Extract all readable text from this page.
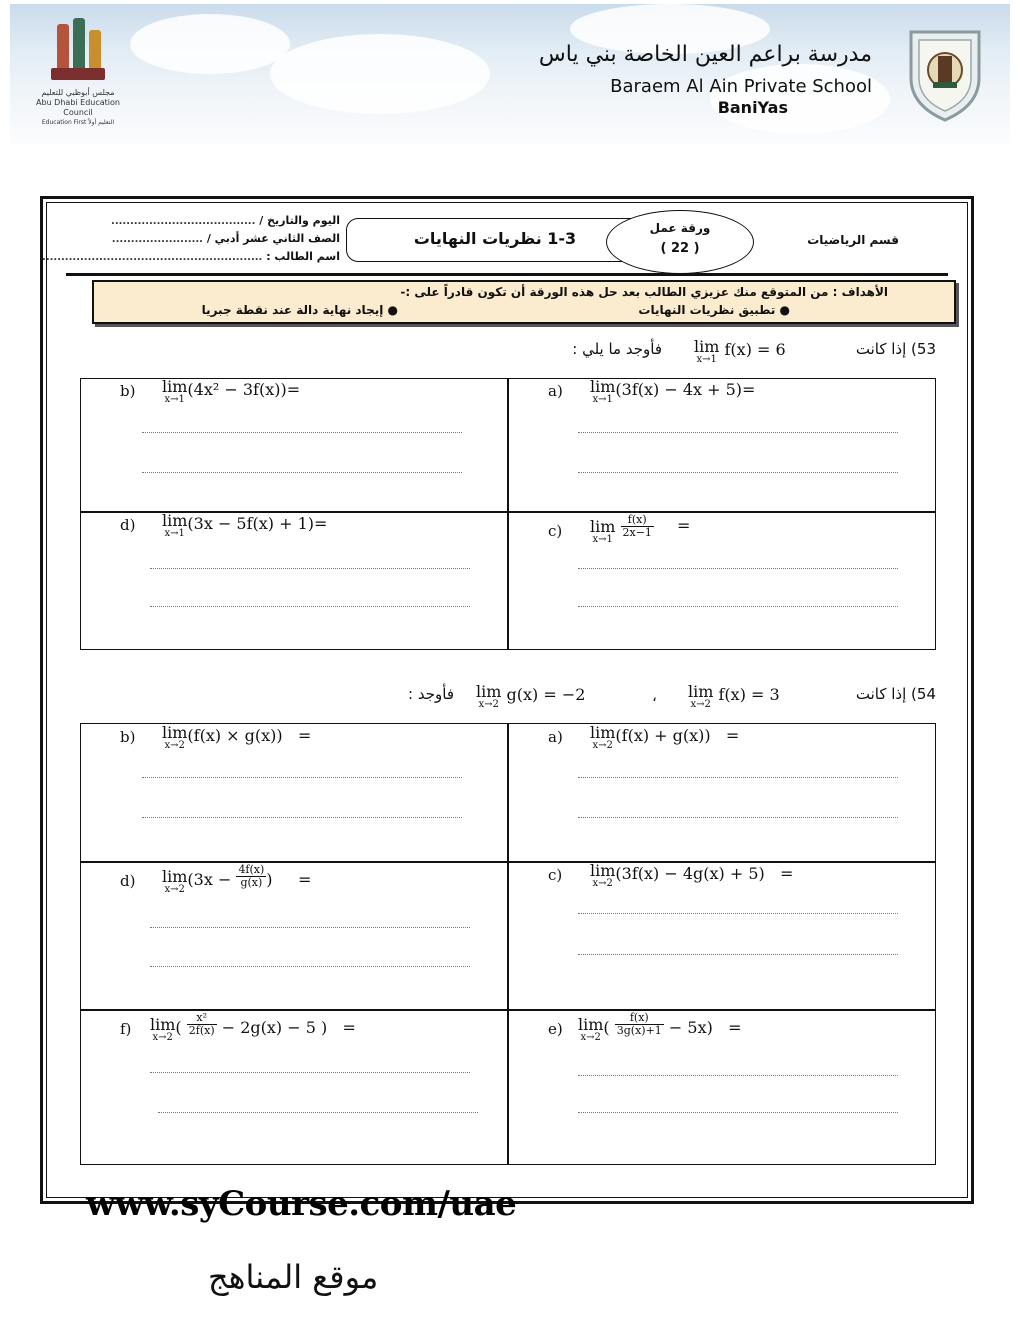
مجلس أبوظبي للتعليم
Abu Dhabi Education Council
Education First التعليم أولاً
مدرسة براعم العين الخاصة بني ياس
Baraem Al Ain Private School
BaniYas
اليوم والتاريخ / ......................................
الصف الثاني عشر أدبي / ........................
اسم الطالب : ..........................................................
1-3 نظريات النهايات
ورقة عمل
( 22 )
قسم الرياضيات
الأهداف : من المتوقع منك عزيزي الطالب بعد حل هذه الورقة أن تكون قادراً على :-
● تطبيق نظريات النهايات
● إيجاد نهاية دالة عند نقطة جبريا
53) إذا كانت
lim
x→1
f(x) = 6
فأوجد ما يلي :
b) lim
x→1
(4x² − 3f(x))=	a) lim
x→1
(3f(x) − 4x + 5)=
d) lim
x→1
(3x − 5f(x) + 1)=	c) lim
x→1

$\frac{f(x)}{2x-1}$ =
54) إذا كانت
lim
x→2
f(x) = 3
،
lim
x→2
g(x) = −2
فأوجد :
b) lim
x→2
(f(x) × g(x))   =	a) lim
x→2
(f(x) + g(x))   =
d) lim
x→2
($3x - \frac{4f(x)}{g(x)}$ )     =	c) lim
x→2
(3f(x) − 4g(x) + 5)   =
f) lim
x→2
( $\frac{\text{x²}}{2f(x)} - 2g(x) - 5$ )   =	e) lim
x→2
( $\frac{f(x)}{3g(x)+1} - 5x$)   =
www.syCourse.com/uae
موقع المناهج
